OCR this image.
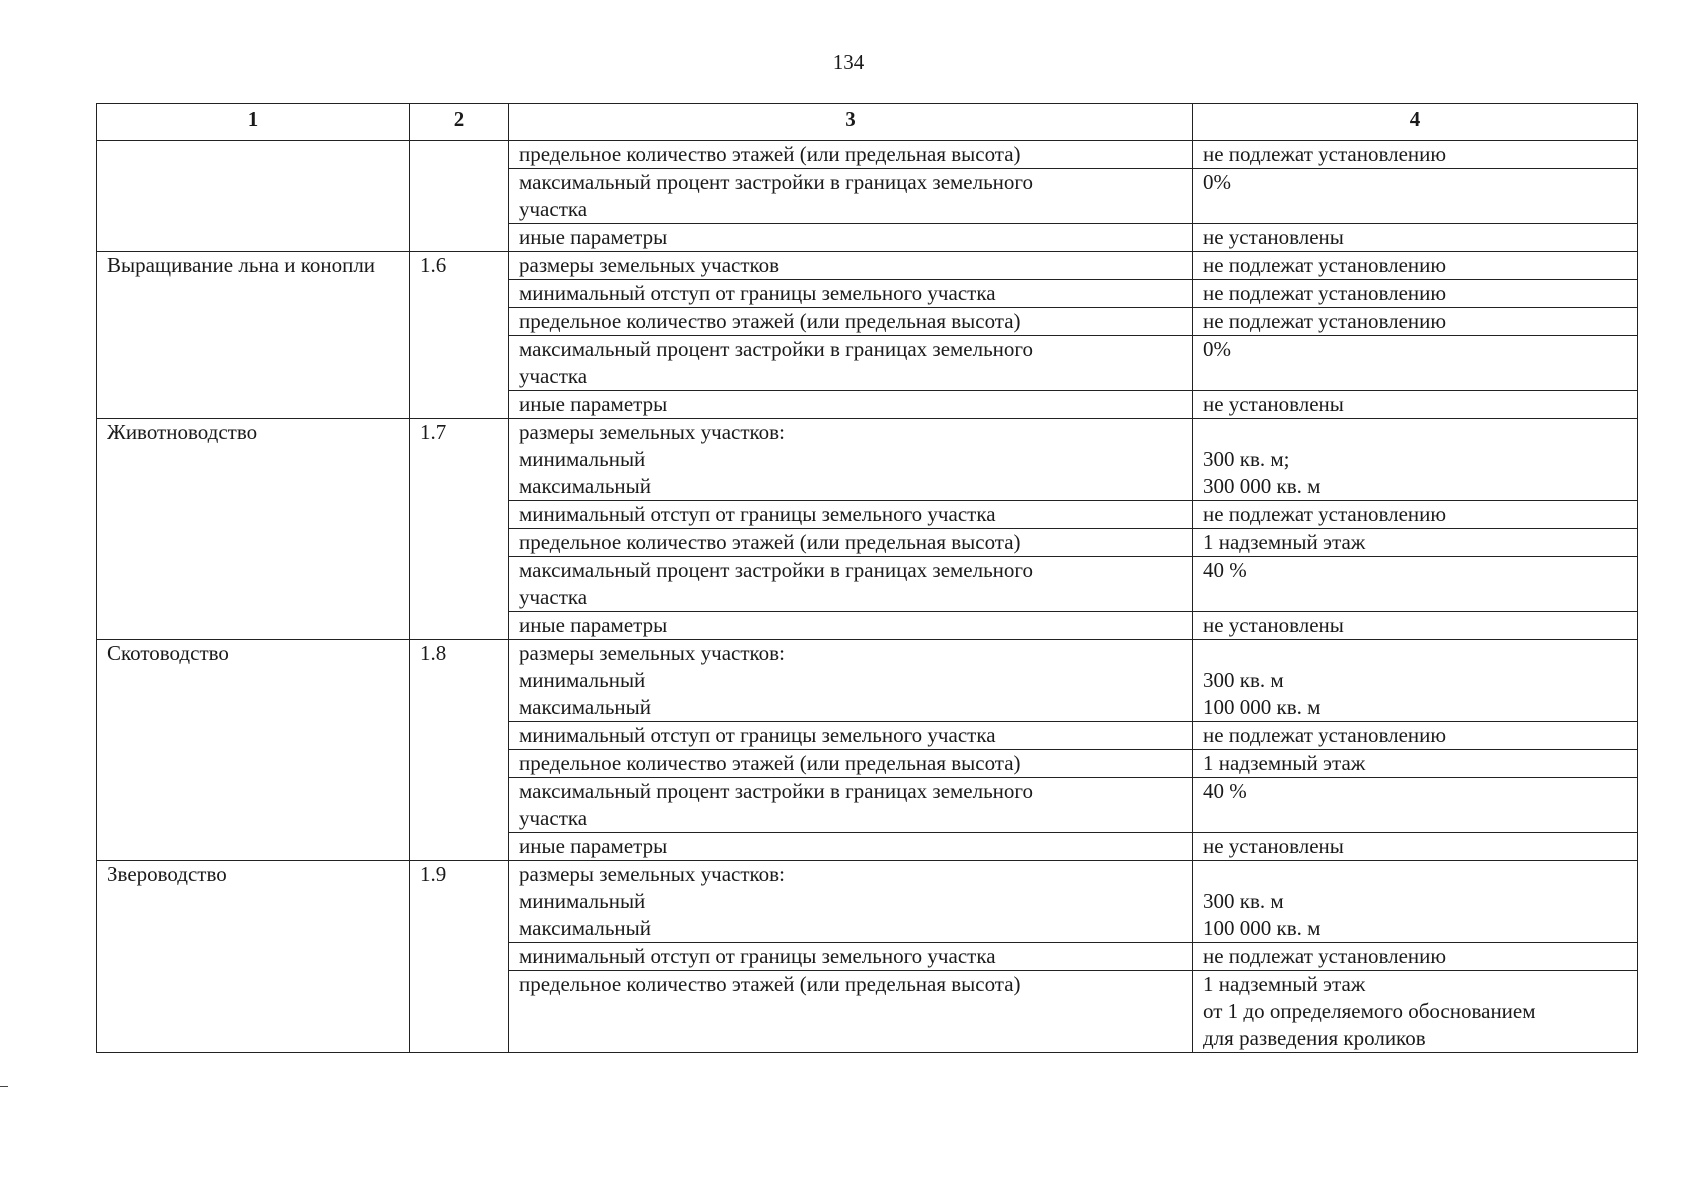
134
1	2	3	4

		предельное количество этажей (или предельная высота)	не подлежат установлению

		максимальный процент застройки в границах земельного
участка	0%

		иные параметры	не установлены

Выращивание льна и конопли	1.6	размеры земельных участков	не подлежат установлению

		минимальный отступ от границы земельного участка	не подлежат установлению

		предельное количество этажей (или предельная высота)	не подлежат установлению

		максимальный процент застройки в границах земельного
участка	0%

		иные параметры	не установлены

Животноводство	1.7	размеры земельных участков:
минимальный
максимальный	300 кв. м;
300 000 кв. м

		минимальный отступ от границы земельного участка	не подлежат установлению

		предельное количество этажей (или предельная высота)	1 надземный этаж

		максимальный процент застройки в границах земельного
участка	40 %

		иные параметры	не установлены

Скотоводство	1.8	размеры земельных участков:
минимальный
максимальный	300 кв. м
100 000 кв. м

		минимальный отступ от границы земельного участка	не подлежат установлению

		предельное количество этажей (или предельная высота)	1 надземный этаж

		максимальный процент застройки в границах земельного
участка	40 %

		иные параметры	не установлены

Звероводство	1.9	размеры земельных участков:
минимальный
максимальный	300 кв. м
100 000 кв. м

		минимальный отступ от границы земельного участка	не подлежат установлению

		предельное количество этажей (или предельная высота)	1 надземный этаж
от 1 до определяемого обоснованием
для разведения кроликов
